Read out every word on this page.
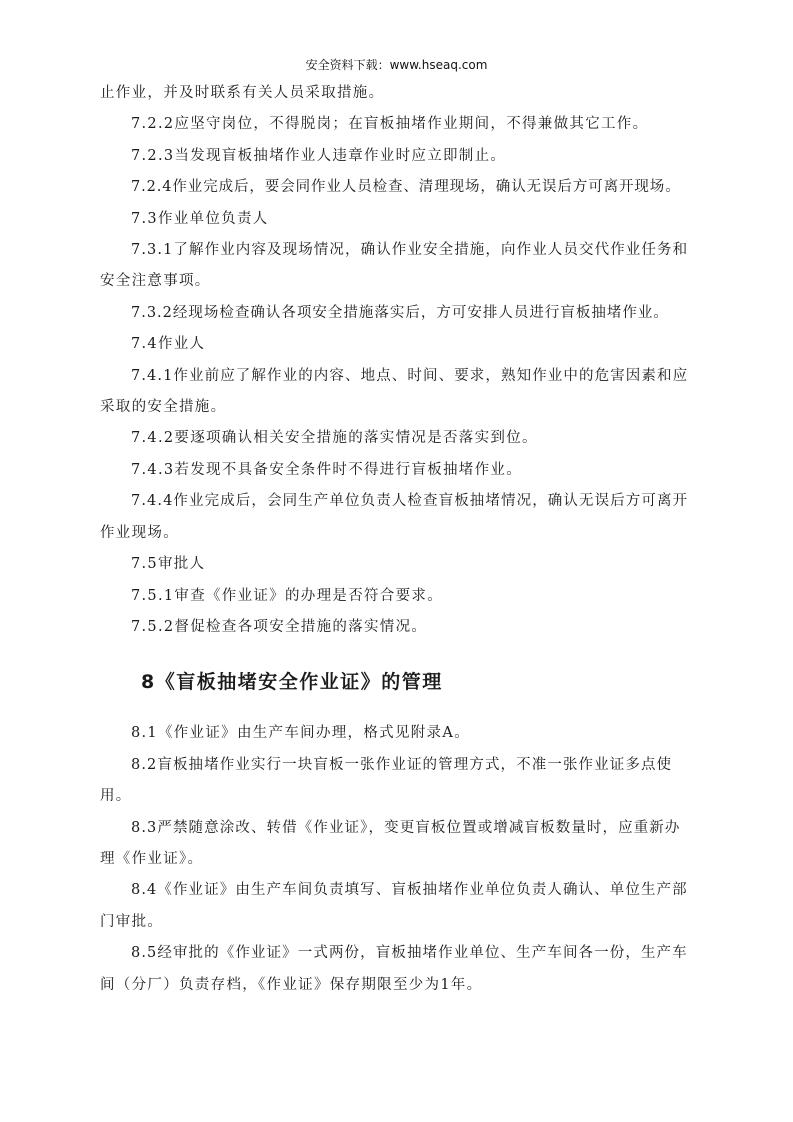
安全资料下载：www.hseaq.com

止作业，并及时联系有关人员采取措施。

7.2.2应坚守岗位，不得脱岗；在盲板抽堵作业期间，不得兼做其它工作。

7.2.3当发现盲板抽堵作业人违章作业时应立即制止。

7.2.4作业完成后，要会同作业人员检查、清理现场，确认无误后方可离开现场。

7.3作业单位负责人

7.3.1了解作业内容及现场情况，确认作业安全措施，向作业人员交代作业任务和

安全注意事项。

7.3.2经现场检查确认各项安全措施落实后，方可安排人员进行盲板抽堵作业。

7.4作业人

7.4.1作业前应了解作业的内容、地点、时间、要求，熟知作业中的危害因素和应

采取的安全措施。

7.4.2要逐项确认相关安全措施的落实情况是否落实到位。

7.4.3若发现不具备安全条件时不得进行盲板抽堵作业。

7.4.4作业完成后，会同生产单位负责人检查盲板抽堵情况，确认无误后方可离开

作业现场。

7.5审批人

7.5.1审查《作业证》的办理是否符合要求。

7.5.2督促检查各项安全措施的落实情况。

8《盲板抽堵安全作业证》的管理

8.1《作业证》由生产车间办理，格式见附录A。

8.2盲板抽堵作业实行一块盲板一张作业证的管理方式，不准一张作业证多点使

用。

8.3严禁随意涂改、转借《作业证》，变更盲板位置或增减盲板数量时，应重新办

理《作业证》。

8.4《作业证》由生产车间负责填写、盲板抽堵作业单位负责人确认、单位生产部

门审批。

8.5经审批的《作业证》一式两份，盲板抽堵作业单位、生产车间各一份，生产车

间（分厂）负责存档，《作业证》保存期限至少为1年。
